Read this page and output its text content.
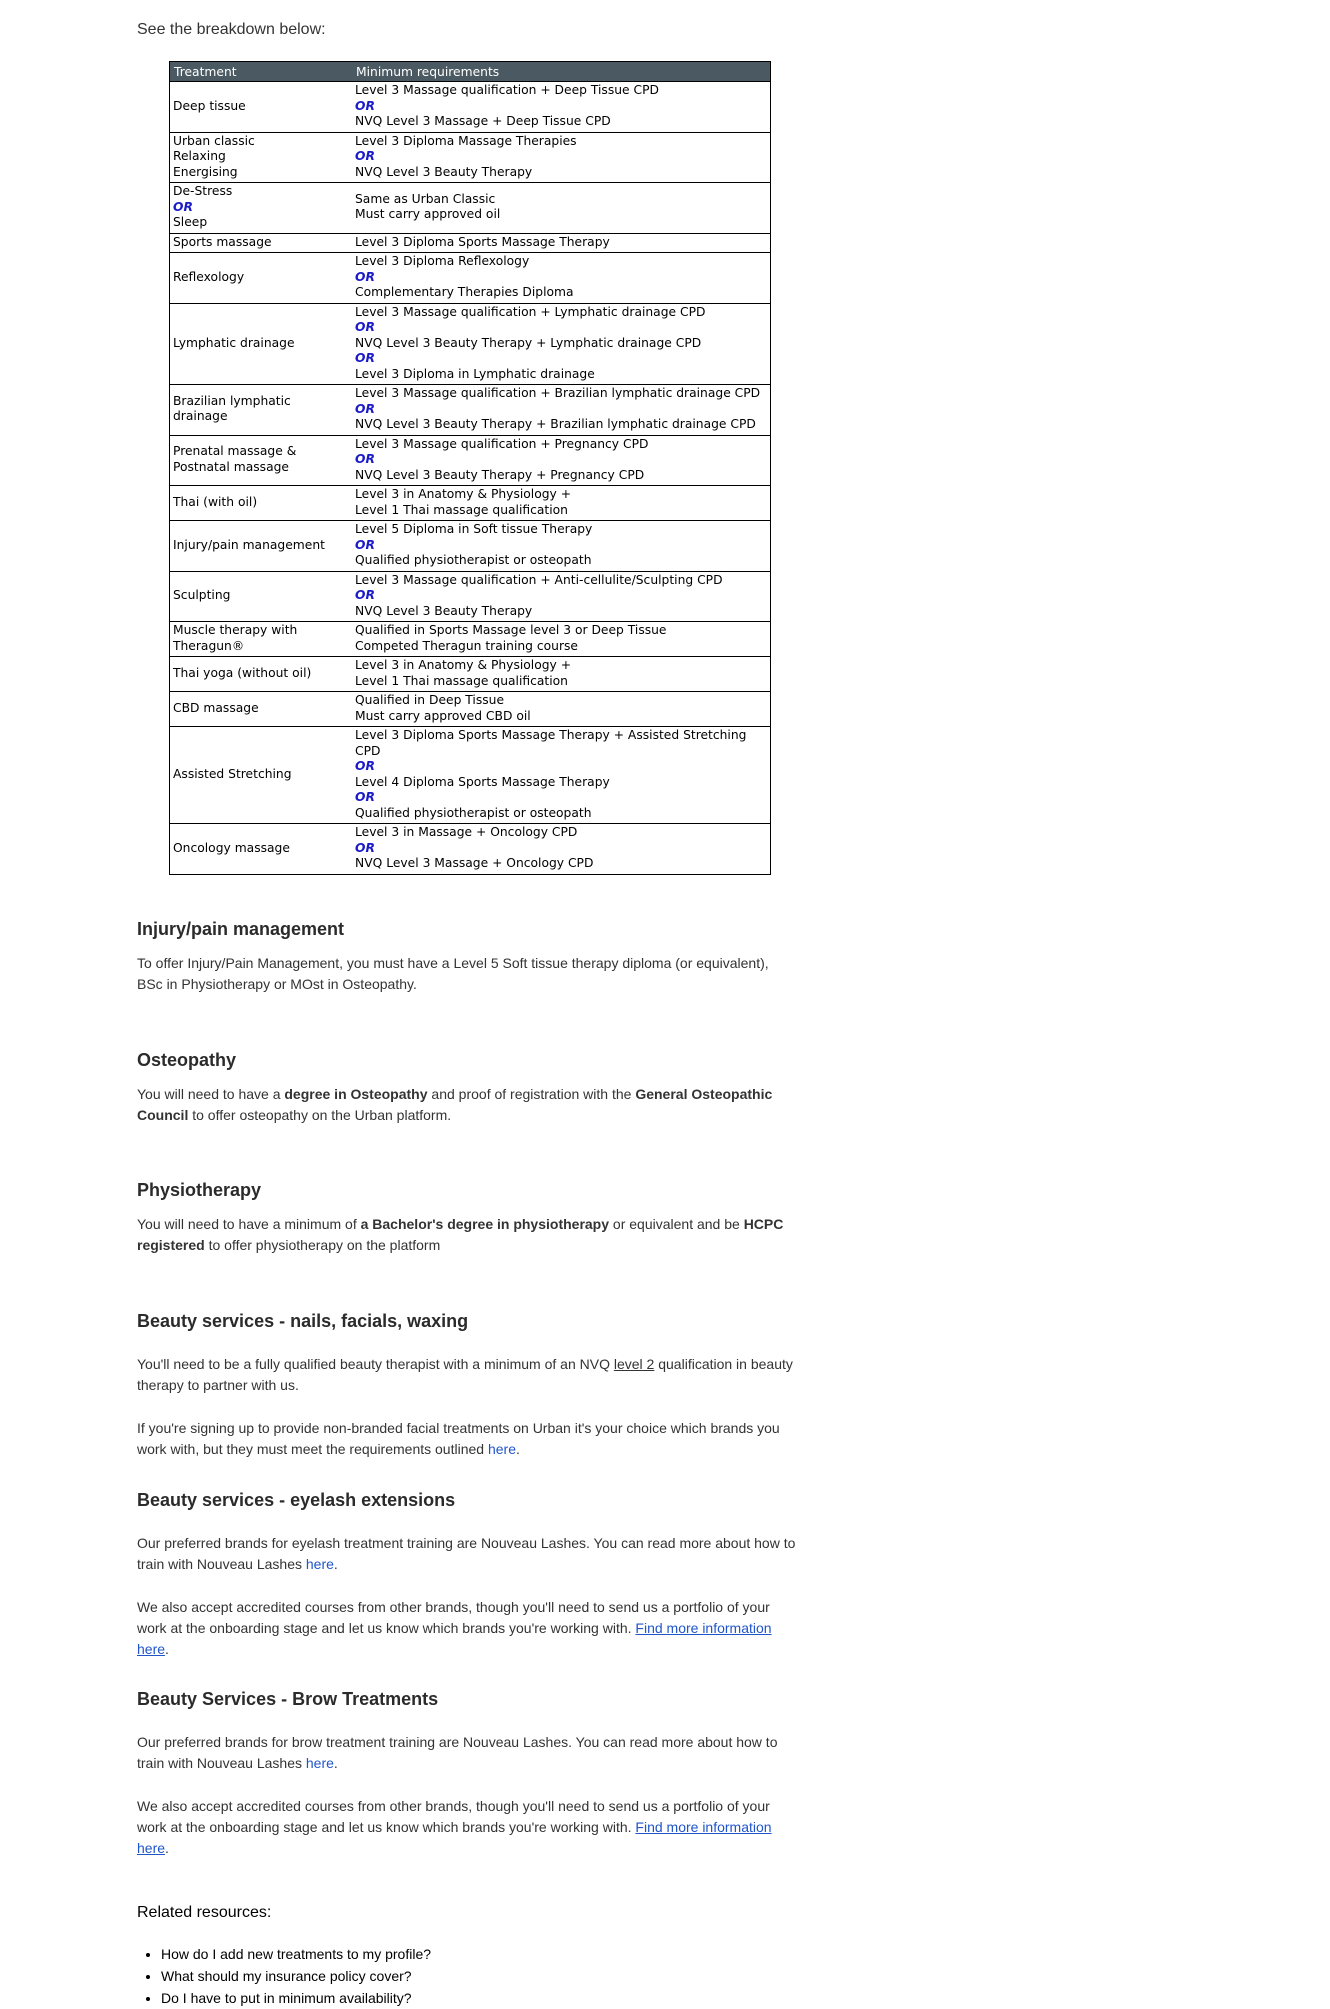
See the breakdown below:

Treatment	Minimum requirements

Deep tissue	Level 3 Massage qualification + Deep Tissue CPD
OR
NVQ Level 3 Massage + Deep Tissue CPD

Urban classic
Relaxing
Energising	Level 3 Diploma Massage Therapies
OR
NVQ Level 3 Beauty Therapy

De-Stress
OR
Sleep	Same as Urban Classic
Must carry approved oil

Sports massage	Level 3 Diploma Sports Massage Therapy

Reflexology	Level 3 Diploma Reflexology
OR
Complementary Therapies Diploma

Lymphatic drainage	Level 3 Massage qualification + Lymphatic drainage CPD
OR
NVQ Level 3 Beauty Therapy + Lymphatic drainage CPD
OR
Level 3 Diploma in Lymphatic drainage

Brazilian lymphatic drainage	Level 3 Massage qualification + Brazilian lymphatic drainage CPD
OR
NVQ Level 3 Beauty Therapy + Brazilian lymphatic drainage CPD

Prenatal massage & Postnatal massage	Level 3 Massage qualification + Pregnancy CPD
OR
NVQ Level 3 Beauty Therapy + Pregnancy CPD

Thai (with oil)	Level 3 in Anatomy & Physiology +
Level 1 Thai massage qualification

Injury/pain management	Level 5 Diploma in Soft tissue Therapy
OR
Qualified physiotherapist or osteopath

Sculpting	Level 3 Massage qualification + Anti-cellulite/Sculpting CPD
OR
NVQ Level 3 Beauty Therapy

Muscle therapy with Theragun®	Qualified in Sports Massage level 3 or Deep Tissue
Competed Theragun training course

Thai yoga (without oil)	Level 3 in Anatomy & Physiology +
Level 1 Thai massage qualification

CBD massage	Qualified in Deep Tissue
Must carry approved CBD oil

Assisted Stretching	Level 3 Diploma Sports Massage Therapy + Assisted Stretching CPD
OR
Level 4 Diploma Sports Massage Therapy
OR
Qualified physiotherapist or osteopath

Oncology massage	Level 3 in Massage + Oncology CPD
OR
NVQ Level 3 Massage + Oncology CPD
Injury/pain management

To offer Injury/Pain Management, you must have a Level 5 Soft tissue therapy diploma (or equivalent), BSc in Physiotherapy or MOst in Osteopathy.

Osteopathy

You will need to have a degree in Osteopathy and proof of registration with the General Osteopathic Council to offer osteopathy on the Urban platform.

Physiotherapy

You will need to have a minimum of a Bachelor's degree in physiotherapy or equivalent and be HCPC registered to offer physiotherapy on the platform

Beauty services - nails, facials, waxing

You'll need to be a fully qualified beauty therapist with a minimum of an NVQ level 2 qualification in beauty therapy to partner with us.

If you're signing up to provide non-branded facial treatments on Urban it's your choice which brands you work with, but they must meet the requirements outlined here.

Beauty services - eyelash extensions

Our preferred brands for eyelash treatment training are Nouveau Lashes. You can read more about how to train with Nouveau Lashes here.

We also accept accredited courses from other brands, though you'll need to send us a portfolio of your work at the onboarding stage and let us know which brands you're working with. Find more information here.

Beauty Services - Brow Treatments

Our preferred brands for brow treatment training are Nouveau Lashes. You can read more about how to train with Nouveau Lashes here.

We also accept accredited courses from other brands, though you'll need to send us a portfolio of your work at the onboarding stage and let us know which brands you're working with. Find more information here.

Related resources:

• How do I add new treatments to my profile?
• What should my insurance policy cover?
• Do I have to put in minimum availability?
